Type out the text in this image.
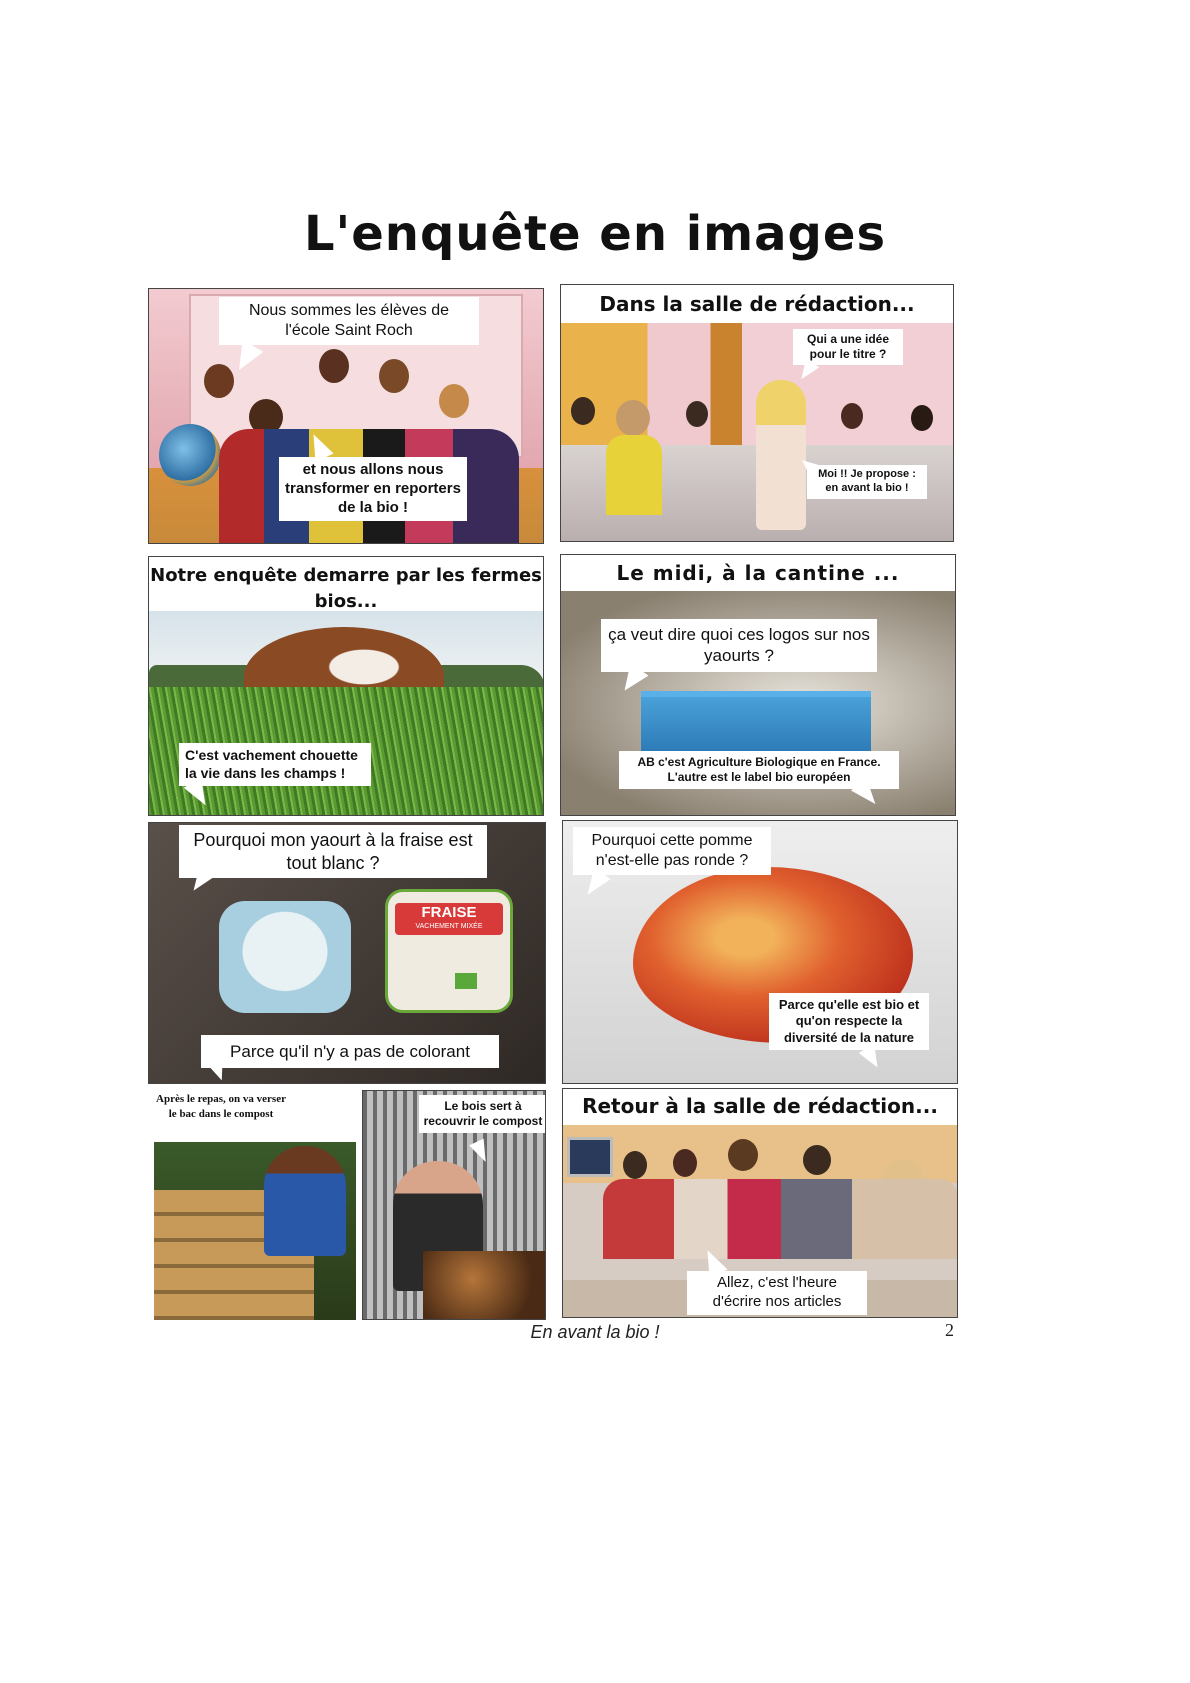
L'enquête en images
Nous sommes les élèves de l'école Saint Roch
et nous allons nous transformer en reporters de la bio !
Dans la salle de rédaction...
Qui a une idée pour le titre ?
Moi !! Je propose : en avant la bio !
Notre enquête demarre par les fermes bios...
C'est vachement chouette la vie dans les champs !
Le midi, à la cantine ...
ça veut dire quoi ces logos sur nos yaourts ?
AB c'est Agriculture Biologique en France.
L'autre est le label bio européen
FRAISE
VACHEMENT MIXÉE
Pourquoi mon yaourt à la fraise est tout blanc ?
Parce qu'il n'y a pas de colorant
Pourquoi cette pomme n'est-elle pas ronde ?
Parce qu'elle est bio et qu'on respecte la diversité de la nature
Après le repas, on va verser le bac dans le compost
Le bois sert à recouvrir le compost
Retour à la salle de rédaction...
Allez, c'est l'heure d'écrire nos articles
En avant la bio !	2
